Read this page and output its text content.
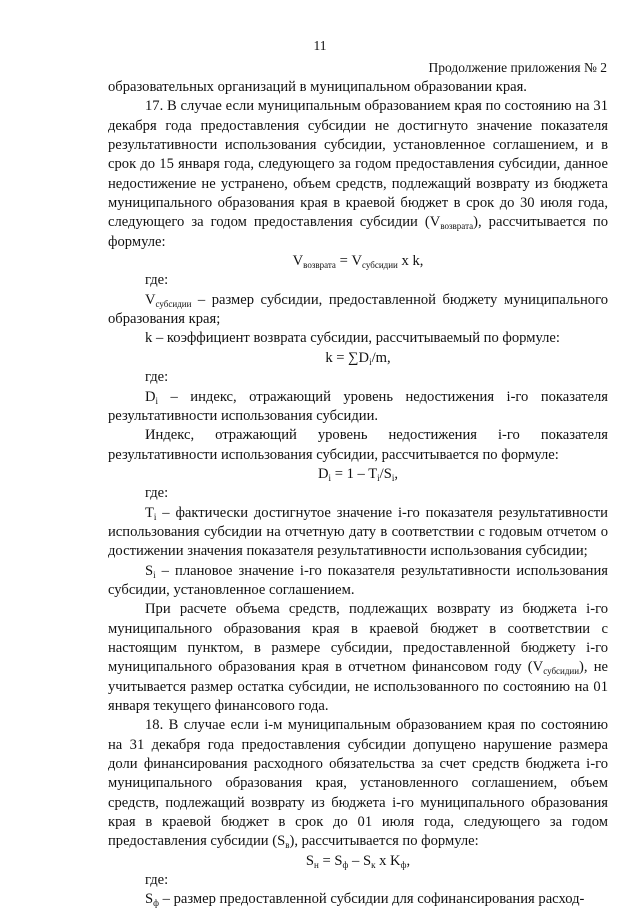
11
Продолжение приложения № 2

образовательных организаций в муниципальном образовании края.

17. В случае если муниципальным образованием края по состоянию на 31 декабря года предоставления субсидии не достигнуто значение показателя результативности использования субсидии, установленное соглашением, и в срок до 15 января года, следующего за годом предоставления субсидии, данное недостижение не устранено, объем средств, подлежащий возврату из бюджета муниципального образования края в краевой бюджет в срок до 30 июля года, следующего за годом предоставления субсидии $(V_{возврата})$, рассчитывается по формуле:

$V_{возврата} = V_{субсидии}$ x k,

где:

$V_{субсидии}$ – размер субсидии, предоставленной бюджету муниципального образования края;

k – коэффициент возврата субсидии, рассчитываемый по формуле:

$k = \sum D_i/m$,

где:

$D_i$ – индекс, отражающий уровень недостижения i-го показателя результативности использования субсидии.

Индекс, отражающий уровень недостижения i-го показателя результативности использования субсидии, рассчитывается по формуле:

$D_i = 1 - T_i/S_i$,

где:

$T_i$ – фактически достигнутое значение i-го показателя результативности использования субсидии на отчетную дату в соответствии с годовым отчетом о достижении значения показателя результативности использования субсидии;

$S_i$ – плановое значение i-го показателя результативности использования субсидии, установленное соглашением.

При расчете объема средств, подлежащих возврату из бюджета i-го муниципального образования края в краевой бюджет в соответствии с настоящим пунктом, в размере субсидии, предоставленной бюджету i-го муниципального образования края в отчетном финансовом году $(V_{субсидии})$, не учитывается размер остатка субсидии, не использованного по состоянию на 01 января текущего финансового года.

18. В случае если i-м муниципальным образованием края по состоянию на 31 декабря года предоставления субсидии допущено нарушение размера доли финансирования расходного обязательства за счет средств бюджета i-го муниципального образования края, установленного соглашением, объем средств, подлежащий возврату из бюджета i-го муниципального образования края в краевой бюджет в срок до 01 июля года, следующего за годом предоставления субсидии $(S_в)$, рассчитывается по формуле:

$S_н = S_ф - S_к$ x $K_ф$,

где:

$S_ф$ – размер предоставленной субсидии для софинансирования расход-
